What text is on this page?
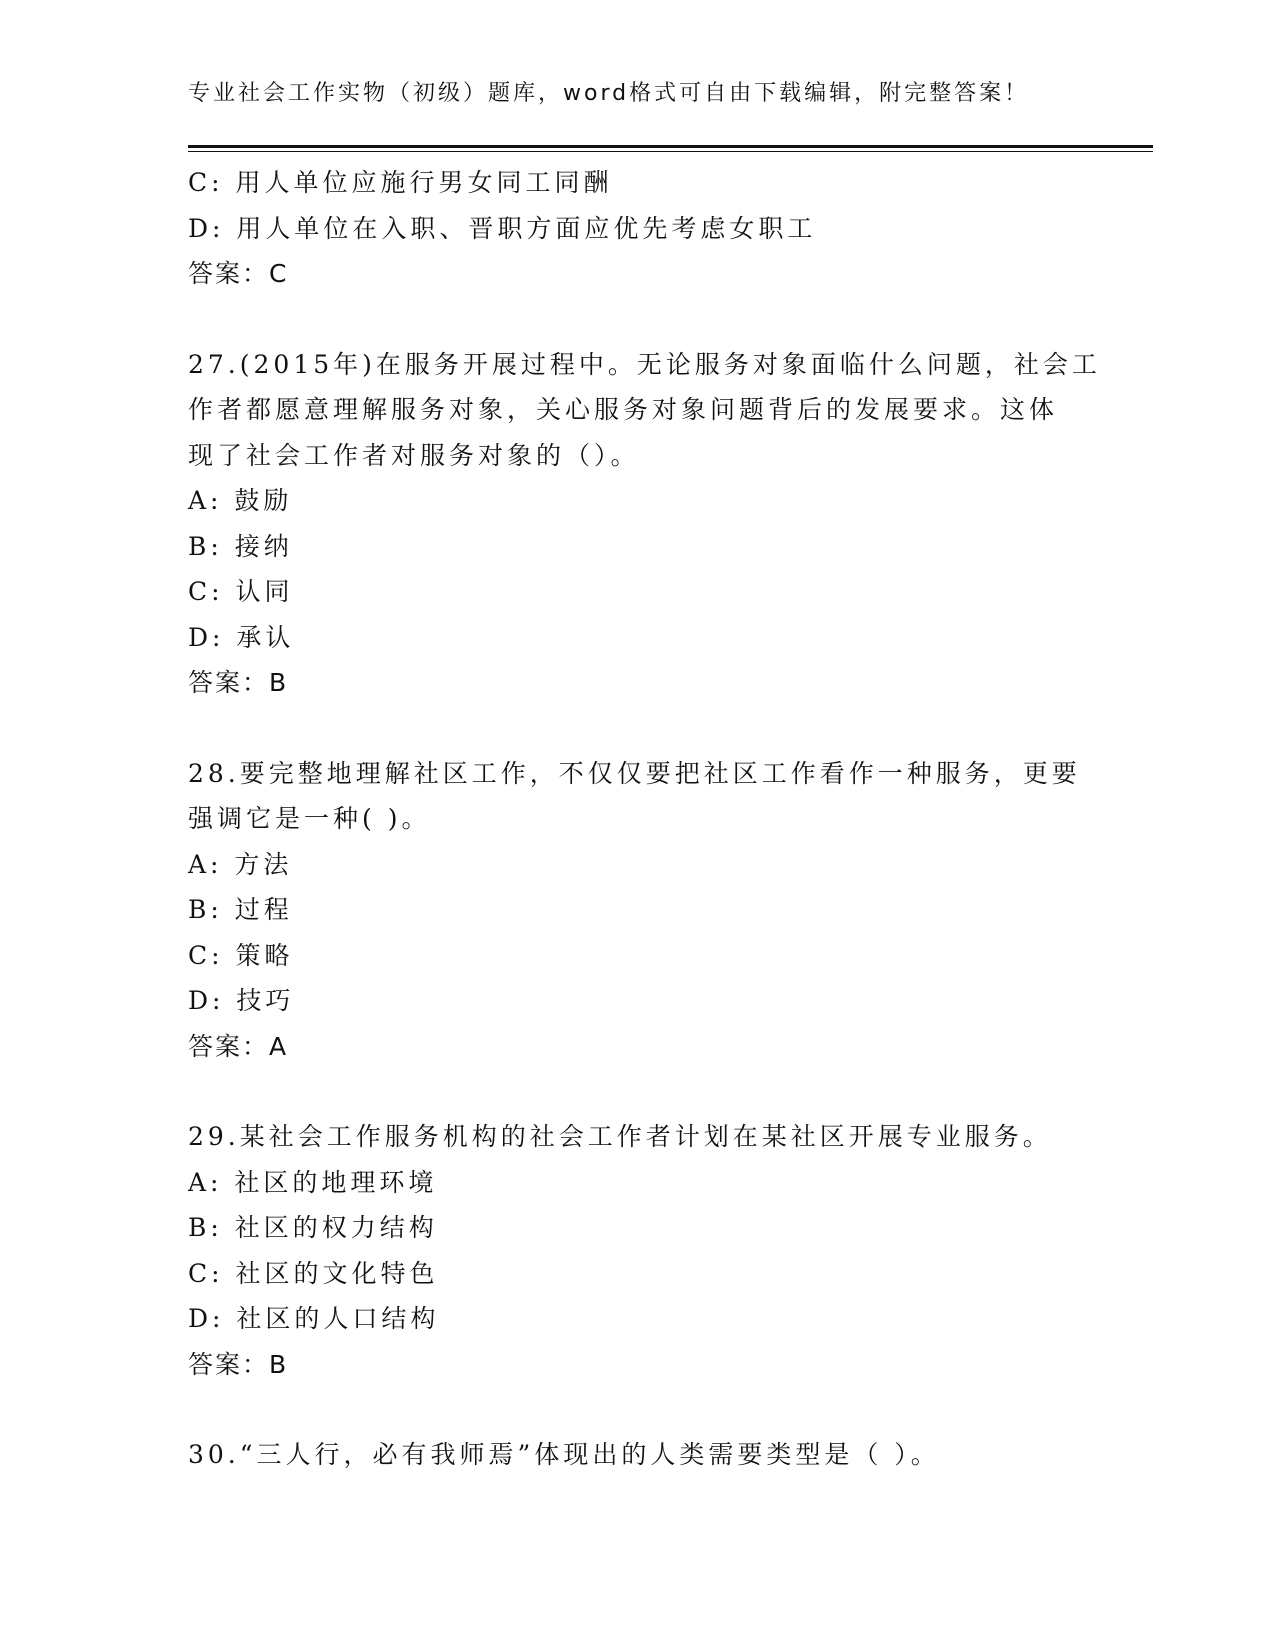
专业社会工作实物（初级）题库，word格式可自由下载编辑，附完整答案！
C: 用人单位应施行男女同工同酬
D: 用人单位在入职、晋职方面应优先考虑女职工
答案：C
27.(2015年)在服务开展过程中。无论服务对象面临什么问题，社会工
作者都愿意理解服务对象，关心服务对象问题背后的发展要求。这体
现了社会工作者对服务对象的（）。
A: 鼓励
B: 接纳
C: 认同
D: 承认
答案：B
28.要完整地理解社区工作，不仅仅要把社区工作看作一种服务，更要
强调它是一种( )。
A: 方法
B: 过程
C: 策略
D: 技巧
答案：A
29.某社会工作服务机构的社会工作者计划在某社区开展专业服务。
A: 社区的地理环境
B: 社区的权力结构
C: 社区的文化特色
D: 社区的人口结构
答案：B
30.“三人行，必有我师焉”体现出的人类需要类型是（ ）。
